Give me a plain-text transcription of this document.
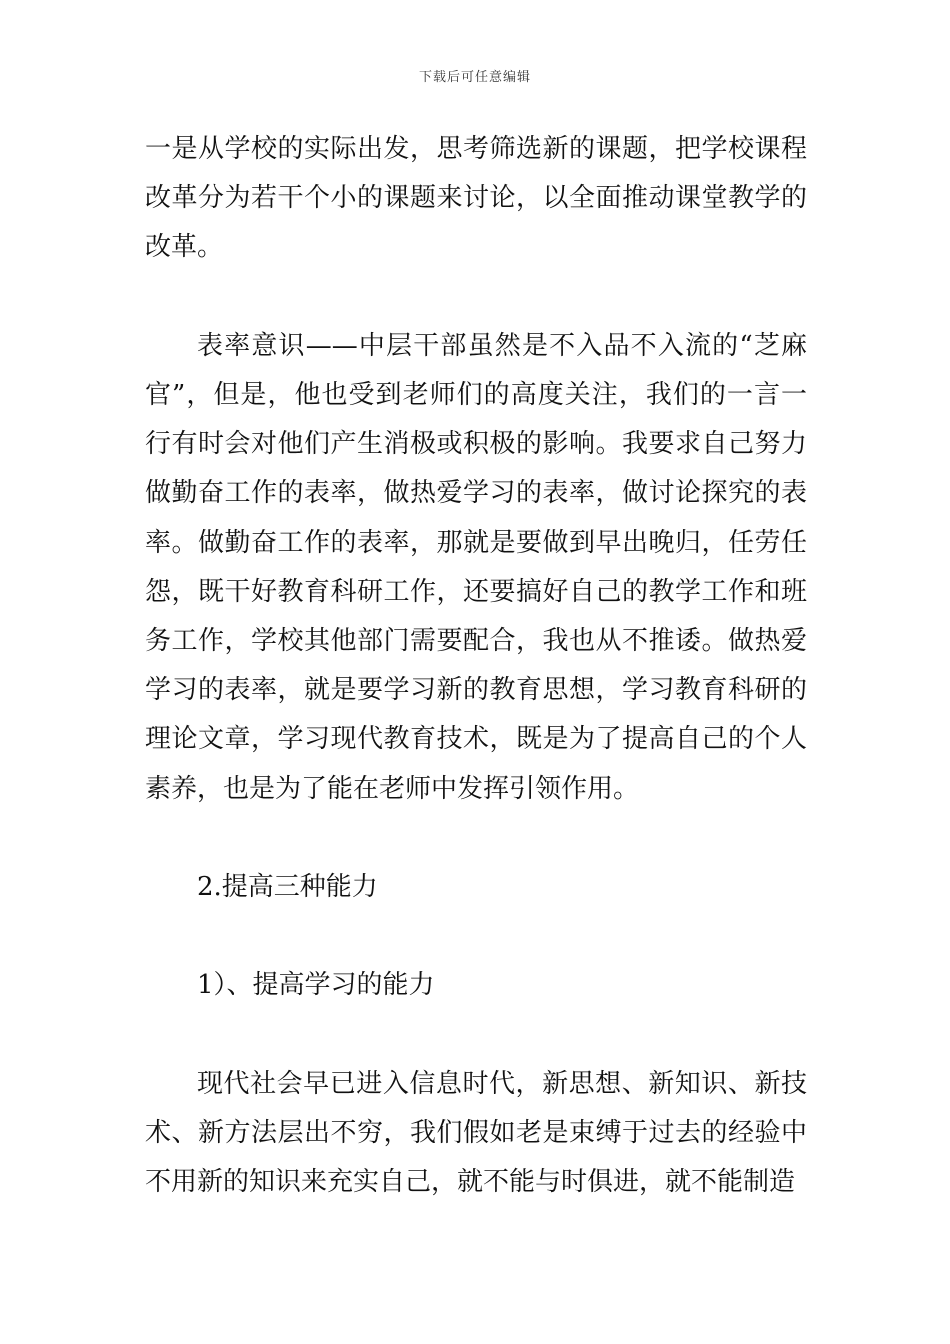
下载后可任意编辑

一是从学校的实际出发，思考筛选新的课题，把学校课程改革分为若干个小的课题来讨论，以全面推动课堂教学的改革。

表率意识——中层干部虽然是不入品不入流的“芝麻官”，但是，他也受到老师们的高度关注，我们的一言一行有时会对他们产生消极或积极的影响。我要求自己努力做勤奋工作的表率，做热爱学习的表率，做讨论探究的表率。做勤奋工作的表率，那就是要做到早出晚归，任劳任怨，既干好教育科研工作，还要搞好自己的教学工作和班务工作，学校其他部门需要配合，我也从不推诿。做热爱学习的表率，就是要学习新的教育思想，学习教育科研的理论文章，学习现代教育技术，既是为了提高自己的个人素养，也是为了能在老师中发挥引领作用。

2.提高三种能力

1）、提高学习的能力

现代社会早已进入信息时代，新思想、新知识、新技术、新方法层出不穷，我们假如老是束缚于过去的经验中不用新的知识来充实自己，就不能与时俱进，就不能制造
